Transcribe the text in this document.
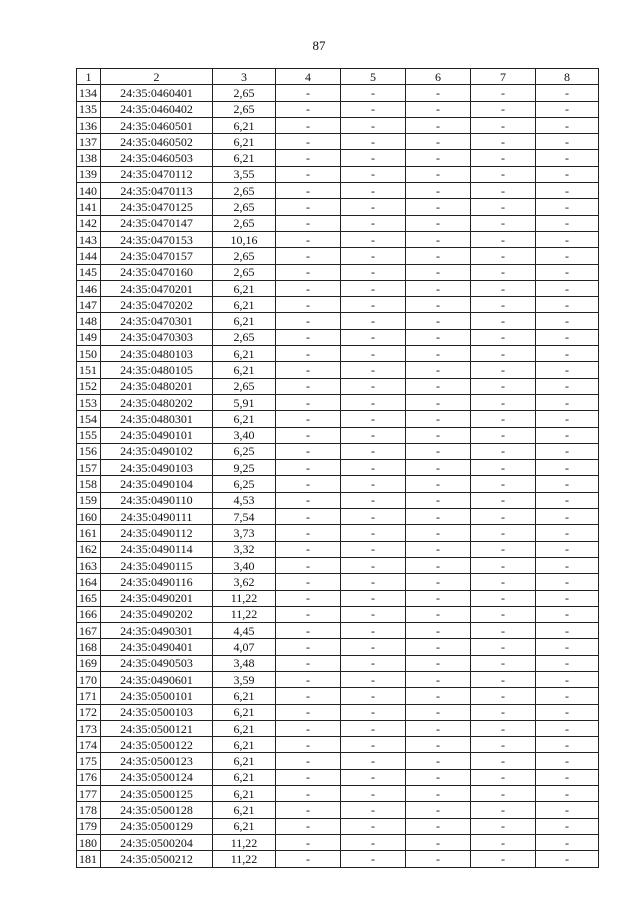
87
1	2	3	4	5	6	7	8
134	24:35:0460401	2,65	-	-	-	-	-
135	24:35:0460402	2,65	-	-	-	-	-
136	24:35:0460501	6,21	-	-	-	-	-
137	24:35:0460502	6,21	-	-	-	-	-
138	24:35:0460503	6,21	-	-	-	-	-
139	24:35:0470112	3,55	-	-	-	-	-
140	24:35:0470113	2,65	-	-	-	-	-
141	24:35:0470125	2,65	-	-	-	-	-
142	24:35:0470147	2,65	-	-	-	-	-
143	24:35:0470153	10,16	-	-	-	-	-
144	24:35:0470157	2,65	-	-	-	-	-
145	24:35:0470160	2,65	-	-	-	-	-
146	24:35:0470201	6,21	-	-	-	-	-
147	24:35:0470202	6,21	-	-	-	-	-
148	24:35:0470301	6,21	-	-	-	-	-
149	24:35:0470303	2,65	-	-	-	-	-
150	24:35:0480103	6,21	-	-	-	-	-
151	24:35:0480105	6,21	-	-	-	-	-
152	24:35:0480201	2,65	-	-	-	-	-
153	24:35:0480202	5,91	-	-	-	-	-
154	24:35:0480301	6,21	-	-	-	-	-
155	24:35:0490101	3,40	-	-	-	-	-
156	24:35:0490102	6,25	-	-	-	-	-
157	24:35:0490103	9,25	-	-	-	-	-
158	24:35:0490104	6,25	-	-	-	-	-
159	24:35:0490110	4,53	-	-	-	-	-
160	24:35:0490111	7,54	-	-	-	-	-
161	24:35:0490112	3,73	-	-	-	-	-
162	24:35:0490114	3,32	-	-	-	-	-
163	24:35:0490115	3,40	-	-	-	-	-
164	24:35:0490116	3,62	-	-	-	-	-
165	24:35:0490201	11,22	-	-	-	-	-
166	24:35:0490202	11,22	-	-	-	-	-
167	24:35:0490301	4,45	-	-	-	-	-
168	24:35:0490401	4,07	-	-	-	-	-
169	24:35:0490503	3,48	-	-	-	-	-
170	24:35:0490601	3,59	-	-	-	-	-
171	24:35:0500101	6,21	-	-	-	-	-
172	24:35:0500103	6,21	-	-	-	-	-
173	24:35:0500121	6,21	-	-	-	-	-
174	24:35:0500122	6,21	-	-	-	-	-
175	24:35:0500123	6,21	-	-	-	-	-
176	24:35:0500124	6,21	-	-	-	-	-
177	24:35:0500125	6,21	-	-	-	-	-
178	24:35:0500128	6,21	-	-	-	-	-
179	24:35:0500129	6,21	-	-	-	-	-
180	24:35:0500204	11,22	-	-	-	-	-
181	24:35:0500212	11,22	-	-	-	-	-
